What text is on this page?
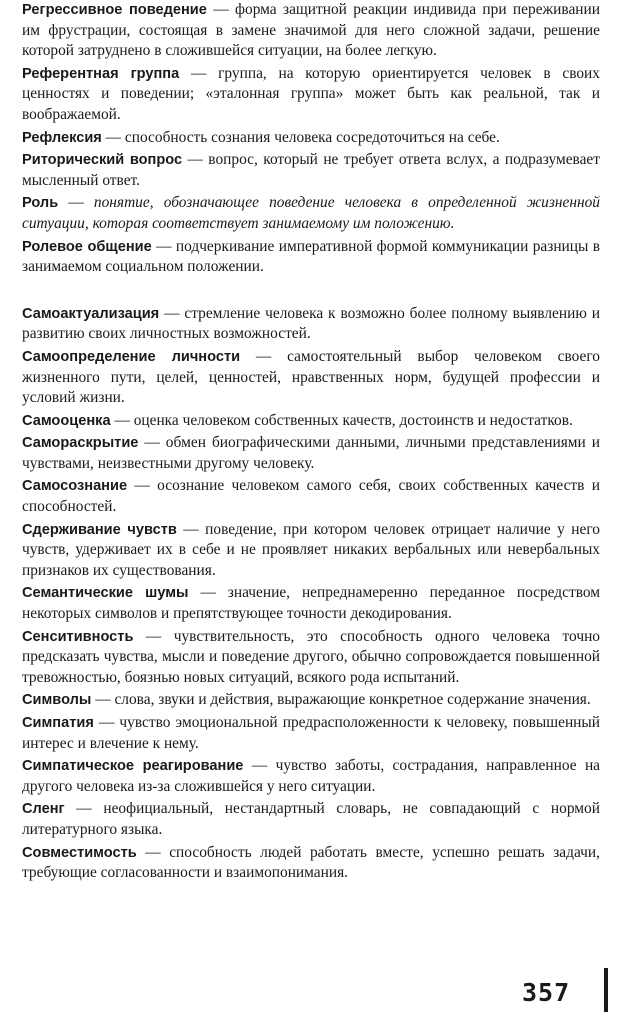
Регрессивное поведение — форма защитной реакции индивида при переживании им фрустрации, состоящая в замене значимой для него сложной задачи, решение которой затруднено в сложившейся ситуации, на более легкую.

Референтная группа — группа, на которую ориентируется человек в своих ценностях и поведении; «эталонная группа» может быть как реальной, так и воображаемой.

Рефлексия — способность сознания человека сосредоточиться на себе.

Риторический вопрос — вопрос, который не требует ответа вслух, а подразумевает мысленный ответ.

Роль — понятие, обозначающее поведение человека в определенной жизненной ситуации, которая соответствует занимаемому им положению.

Ролевое общение — подчеркивание императивной формой коммуникации разницы в занимаемом социальном положении.

Самоактуализация — стремление человека к возможно более полному выявлению и развитию своих личностных возможностей.

Самоопределение личности — самостоятельный выбор человеком своего жизненного пути, целей, ценностей, нравственных норм, будущей профессии и условий жизни.

Самооценка — оценка человеком собственных качеств, достоинств и недостатков.

Самораскрытие — обмен биографическими данными, личными представлениями и чувствами, неизвестными другому человеку.

Самосознание — осознание человеком самого себя, своих собственных качеств и способностей.

Сдерживание чувств — поведение, при котором человек отрицает наличие у него чувств, удерживает их в себе и не проявляет никаких вербальных или невербальных признаков их существования.

Семантические шумы — значение, непреднамеренно переданное посредством некоторых символов и препятствующее точности декодирования.

Сенситивность — чувствительность, это способность одного человека точно предсказать чувства, мысли и поведение другого, обычно сопровождается повышенной тревожностью, боязнью новых ситуаций, всякого рода испытаний.

Символы — слова, звуки и действия, выражающие конкретное содержание значения.

Симпатия — чувство эмоциональной предрасположенности к человеку, повышенный интерес и влечение к нему.

Симпатическое реагирование — чувство заботы, сострадания, направленное на другого человека из-за сложившейся у него ситуации.

Сленг — неофициальный, нестандартный словарь, не совпадающий с нормой литературного языка.

Совместимость — способность людей работать вместе, успешно решать задачи, требующие согласованности и взаимопонимания.

357
